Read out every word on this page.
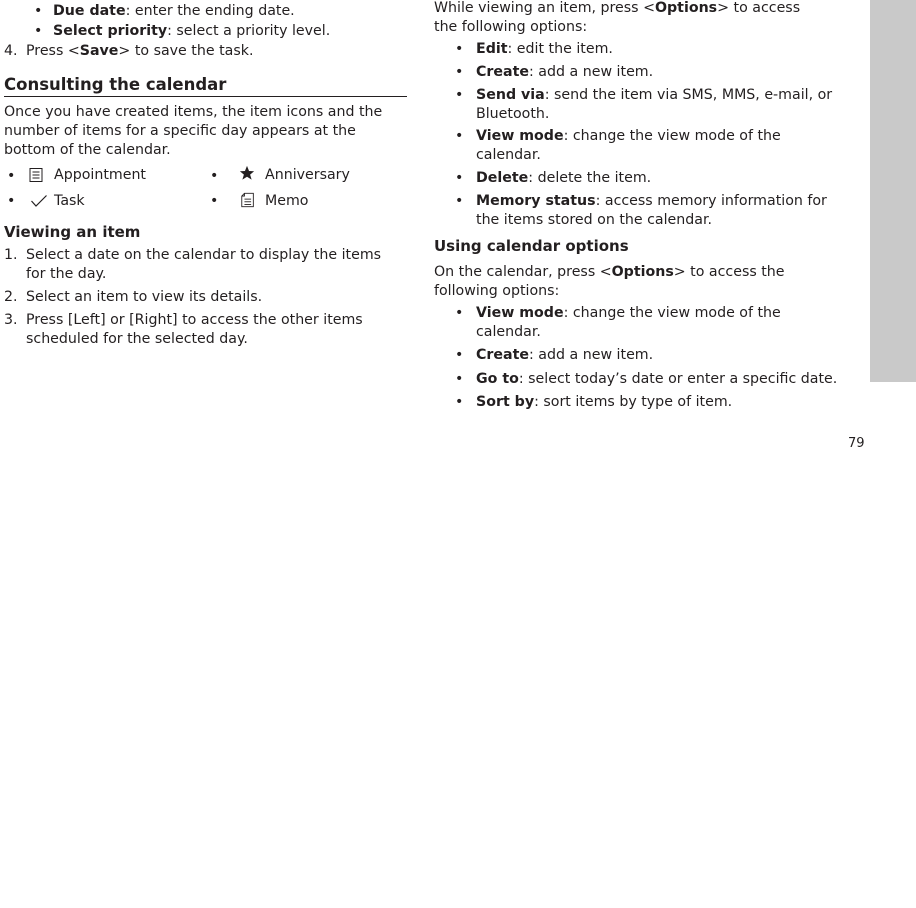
• Due date: enter the ending date.
• Select priority: select a priority level.
4. Press <Save> to save the task.
Consulting the calendar
Once you have created items, the item icons and the
number of items for a specific day appears at the
bottom of the calendar.
•	Appointment	•	Anniversary
•	Task	•	Memo
Viewing an item
1. Select a date on the calendar to display the items
for the day.
2. Select an item to view its details.
3. Press [Left] or [Right] to access the other items
scheduled for the selected day.
While viewing an item, press <Options> to access
the following options:
• Edit: edit the item.
• Create: add a new item.
• Send via: send the item via SMS, MMS, e-mail, or
Bluetooth.
• View mode: change the view mode of the
calendar.
• Delete: delete the item.
• Memory status: access memory information for
the items stored on the calendar.
Using calendar options
On the calendar, press <Options> to access the
following options:
• View mode: change the view mode of the
calendar.
• Create: add a new item.
• Go to: select today’s date or enter a specific date.
• Sort by: sort items by type of item.

79
